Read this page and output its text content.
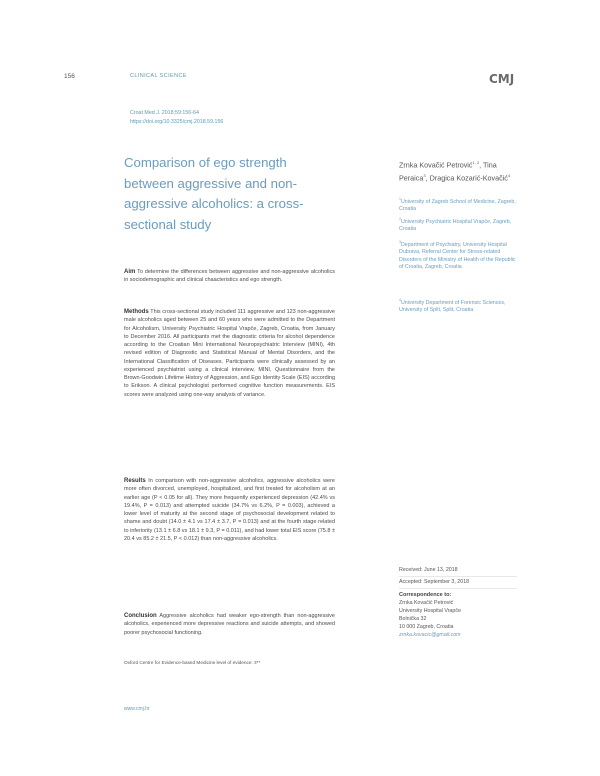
156	CLINICAL SCIENCE	CMJ
Croat Med J. 2018;59:156-64
https://doi.org/10.3325/cmj.2018.59.156
Comparison of ego strength between aggressive and non-aggressive alcoholics: a cross-sectional study
Zrnka Kovačić Petrović$^{1, 2}$, Tina Peraica$^3$, Dragica Kozarić-Kovačić$^4$
$^1$University of Zagreb School of Medicine, Zagreb, Croatia
$^2$University Psychiatric Hospital Vrapče, Zagreb, Croatia
$^3$Department of Psychiatry, University Hospital Dubrava, Referral Center for Stress-related Disorders of the Ministry of Health of the Republic of Croatia, Zagreb, Croatia
$^4$University Department of Forensic Sciences, University of Split, Split, Croatia
Aim To determine the differences between aggressive and non-aggressive alcoholics in sociodemographic and clinical chaacteristics and ego strength.
Methods This cross-sectional study included 111 aggressive and 123 non-aggressive male alcoholics aged between 25 and 60 years who were admitted to the Department for Alcoholism, University Psychiatric Hospital Vrapče, Zagreb, Croatia, from January to December 2016. All participants met the diagnostic criteria for alcohol dependence according to the Croatian Mini International Neuropsychiatric Interview (MINI), 4th revised edition of Diagnostic and Statistical Manual of Mental Disorders, and the International Classification of Diseases. Participants were clinically assessed by an experienced psychiatrist using a clinical interview, MINI, Questionnaire from the Brown-Goodwin Lifetime History of Aggression, and Ego Identity Scale (EIS) according to Erikson. A clinical psychologist performed cognitive function measurements. EIS scores were analyzed using one-way analysis of variance.
Results In comparison with non-aggressive alcoholics, aggressive alcoholics were more often divorced, unemployed, hospitalized, and first treated for alcoholism at an earlier age (P < 0.05 for all). They more frequently experienced depression (42.4% vs 19.4%, P = 0.013) and attempted suicide (34.7% vs 6.2%, P = 0.003), achieved a lower level of maturity at the second stage of psychosocial development related to shame and doubt (14.0 ± 4.1 vs 17.4 ± 3.7, P = 0.013) and at the fourth stage related to inferiority (13.1 ± 6.8 vs 18.1 ± 9.3, P = 0.011), and had lower total EIS score (75.8 ± 20.4 vs 85.2 ± 21.5, P < 0.012) than non-aggressive alcoholics.
Conclusion Aggressive alcoholics had weaker ego-strength than non-aggressive alcoholics, experienced more depressive reactions and suicide attempts, and showed poorer psychosocial functioning.
Oxford Centre for Evidence-based Medicine level of evidence: 3**
Received: June 13, 2018
Accepted: September 3, 2018
Correspondence to:
Zrnka Kovačić Petrović
University Hospital Vrapče
Bolnička 32
10 000 Zagreb, Croatia
zrnka.kovacic@gmail.com
www.cmj.hr
